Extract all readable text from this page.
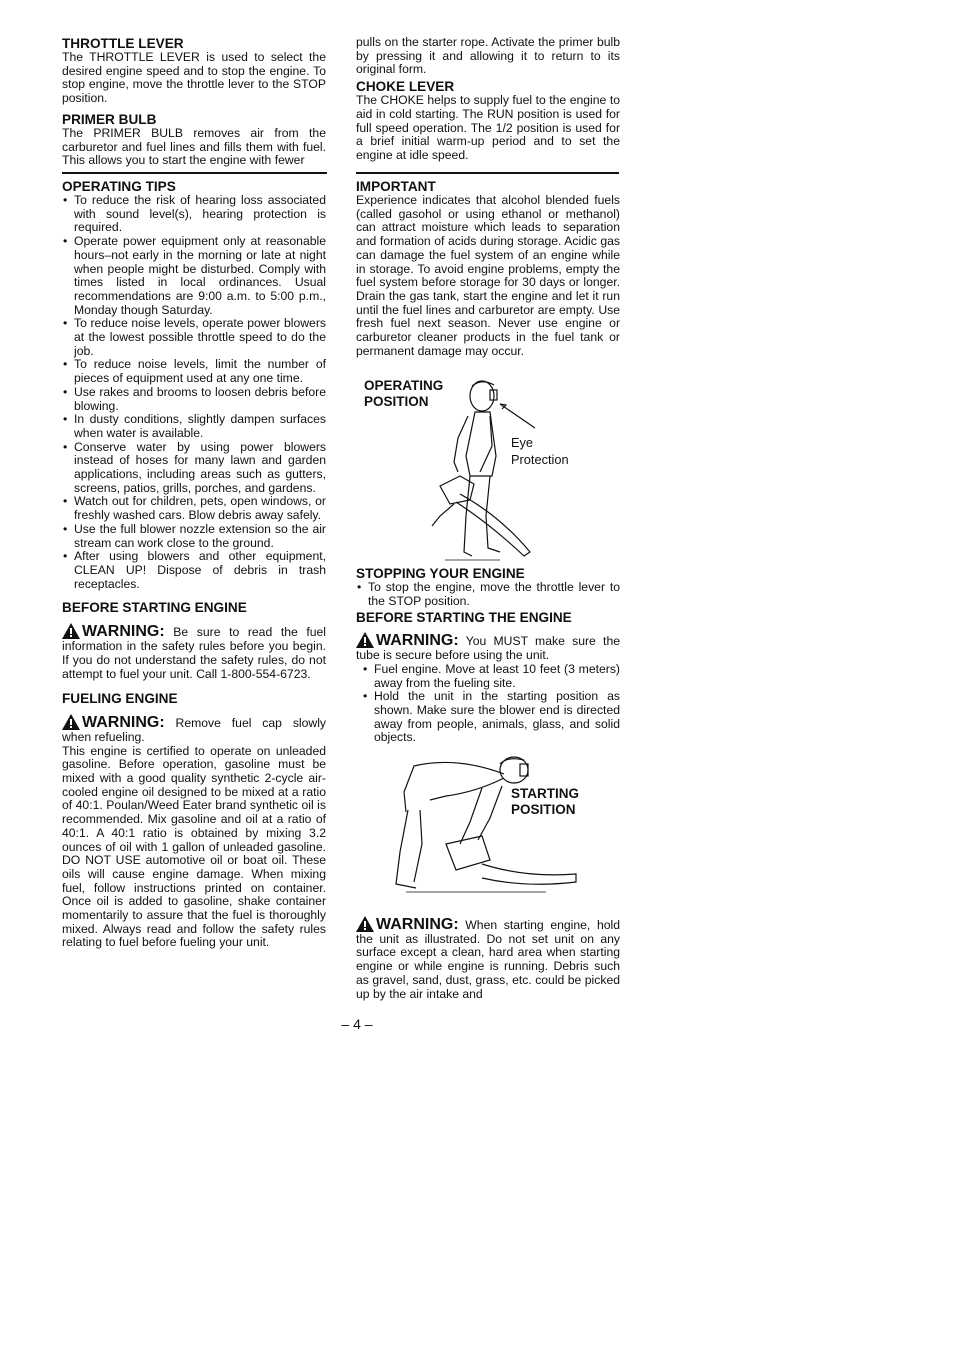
THROTTLE LEVER

The THROTTLE LEVER is used to select the desired engine speed and to stop the engine. To stop engine, move the throttle lever to the STOP position.

PRIMER BULB

The PRIMER BULB removes air from the carburetor and fuel lines and fills them with fuel. This allows you to start the engine with fewer

pulls on the starter rope. Activate the primer bulb by pressing it and allowing it to return to its original form.

CHOKE LEVER

The CHOKE helps to supply fuel to the engine to aid in cold starting. The RUN position is used for full speed operation. The 1/2 position is used for a brief initial warm-up period and to set the engine at idle speed.

OPERATING TIPS
• To reduce the risk of hearing loss associated with sound level(s), hearing protection is required.
• Operate power equipment only at reasonable hours–not early in the morning or late at night when people might be disturbed. Comply with times listed in local ordinances. Usual recommendations are 9:00 a.m. to 5:00 p.m., Monday though Saturday.
• To reduce noise levels, operate power blowers at the lowest possible throttle speed to do the job.
• To reduce noise levels, limit the number of pieces of equipment used at any one time.
• Use rakes and brooms to loosen debris before blowing.
• In dusty conditions, slightly dampen surfaces when water is available.
• Conserve water by using power blowers instead of hoses for many lawn and garden applications, including areas such as gutters, screens, patios, grills, porches, and gardens.
• Watch out for children, pets, open windows, or freshly washed cars. Blow debris away safely.
• Use the full blower nozzle extension so the air stream can work close to the ground.
• After using blowers and other equipment, CLEAN UP! Dispose of debris in trash receptacles.
BEFORE STARTING ENGINE

WARNING: Be sure to read the fuel information in the safety rules before you begin. If you do not understand the safety rules, do not attempt to fuel your unit. Call 1-800-554-6723.

FUELING ENGINE

WARNING: Remove fuel cap slowly when refueling.

This engine is certified to operate on unleaded gasoline. Before operation, gasoline must be mixed with a good quality synthetic 2-cycle air-cooled engine oil designed to be mixed at a ratio of 40:1. Poulan/Weed Eater brand synthetic oil is recommended. Mix gasoline and oil at a ratio of 40:1. A 40:1 ratio is obtained by mixing 3.2 ounces of oil with 1 gallon of unleaded gasoline. DO NOT USE automotive oil or boat oil. These oils will cause engine damage. When mixing fuel, follow instructions printed on container. Once oil is added to gasoline, shake container momentarily to assure that the fuel is thoroughly mixed. Always read and follow the safety rules relating to fuel before fueling your unit.

IMPORTANT

Experience indicates that alcohol blended fuels (called gasohol or using ethanol or methanol) can attract moisture which leads to separation and formation of acids during storage. Acidic gas can damage the fuel system of an engine while in storage. To avoid engine problems, empty the fuel system before storage for 30 days or longer. Drain the gas tank, start the engine and let it run until the fuel lines and carburetor are empty. Use fresh fuel next season. Never use engine or carburetor cleaner products in the fuel tank or permanent damage may occur.

OPERATING
POSITION
Eye
Protection
STOPPING YOUR ENGINE
• To stop the engine, move the throttle lever to the STOP position.
BEFORE STARTING THE ENGINE

WARNING: You MUST make sure the tube is secure before using the unit.

• Fuel engine. Move at least 10 feet (3 meters) away from the fueling site.
• Hold the unit in the starting position as shown. Make sure the blower end is directed away from people, animals, glass, and solid objects.
STARTING
POSITION

WARNING: When starting engine, hold the unit as illustrated. Do not set unit on any surface except a clean, hard area when starting engine or while engine is running. Debris such as gravel, sand, dust, grass, etc. could be picked up by the air intake and

– 4 –
